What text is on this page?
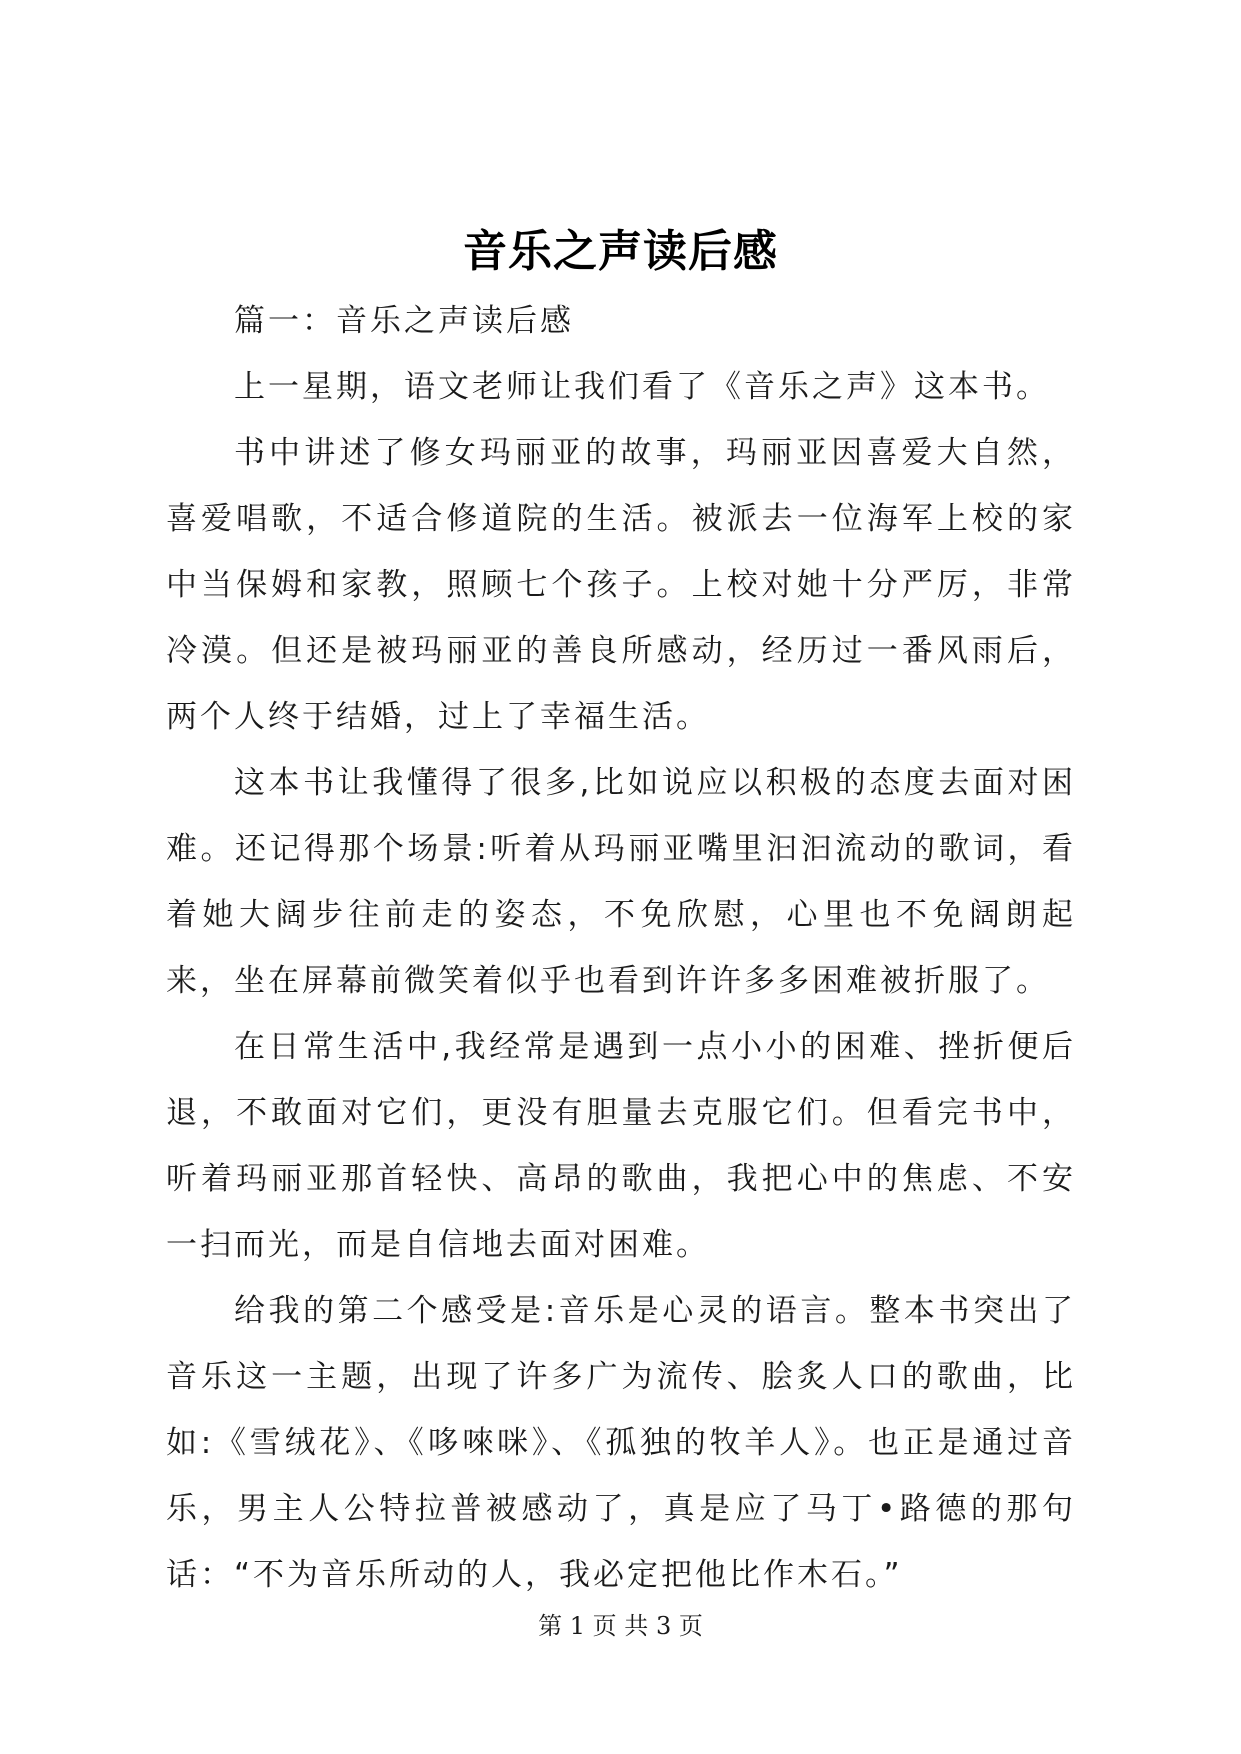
音乐之声读后感

篇一：音乐之声读后感

上一星期，语文老师让我们看了《音乐之声》这本书。

书中讲述了修女玛丽亚的故事，玛丽亚因喜爱大自然，喜爱唱歌，不适合修道院的生活。被派去一位海军上校的家中当保姆和家教，照顾七个孩子。上校对她十分严厉，非常冷漠。但还是被玛丽亚的善良所感动，经历过一番风雨后，两个人终于结婚，过上了幸福生活。

这本书让我懂得了很多,比如说应以积极的态度去面对困难。还记得那个场景:听着从玛丽亚嘴里汩汩流动的歌词，看着她大阔步往前走的姿态，不免欣慰，心里也不免阔朗起来，坐在屏幕前微笑着似乎也看到许许多多困难被折服了。

在日常生活中,我经常是遇到一点小小的困难、挫折便后退，不敢面对它们，更没有胆量去克服它们。但看完书中，听着玛丽亚那首轻快、高昂的歌曲，我把心中的焦虑、不安一扫而光，而是自信地去面对困难。

给我的第二个感受是:音乐是心灵的语言。整本书突出了音乐这一主题，出现了许多广为流传、脍炙人口的歌曲，比如:《雪绒花》、《哆唻咪》、《孤独的牧羊人》。也正是通过音乐，男主人公特拉普被感动了，真是应了马丁•路德的那句话：“不为音乐所动的人，我必定把他比作木石。”

第 1 页 共 3 页
